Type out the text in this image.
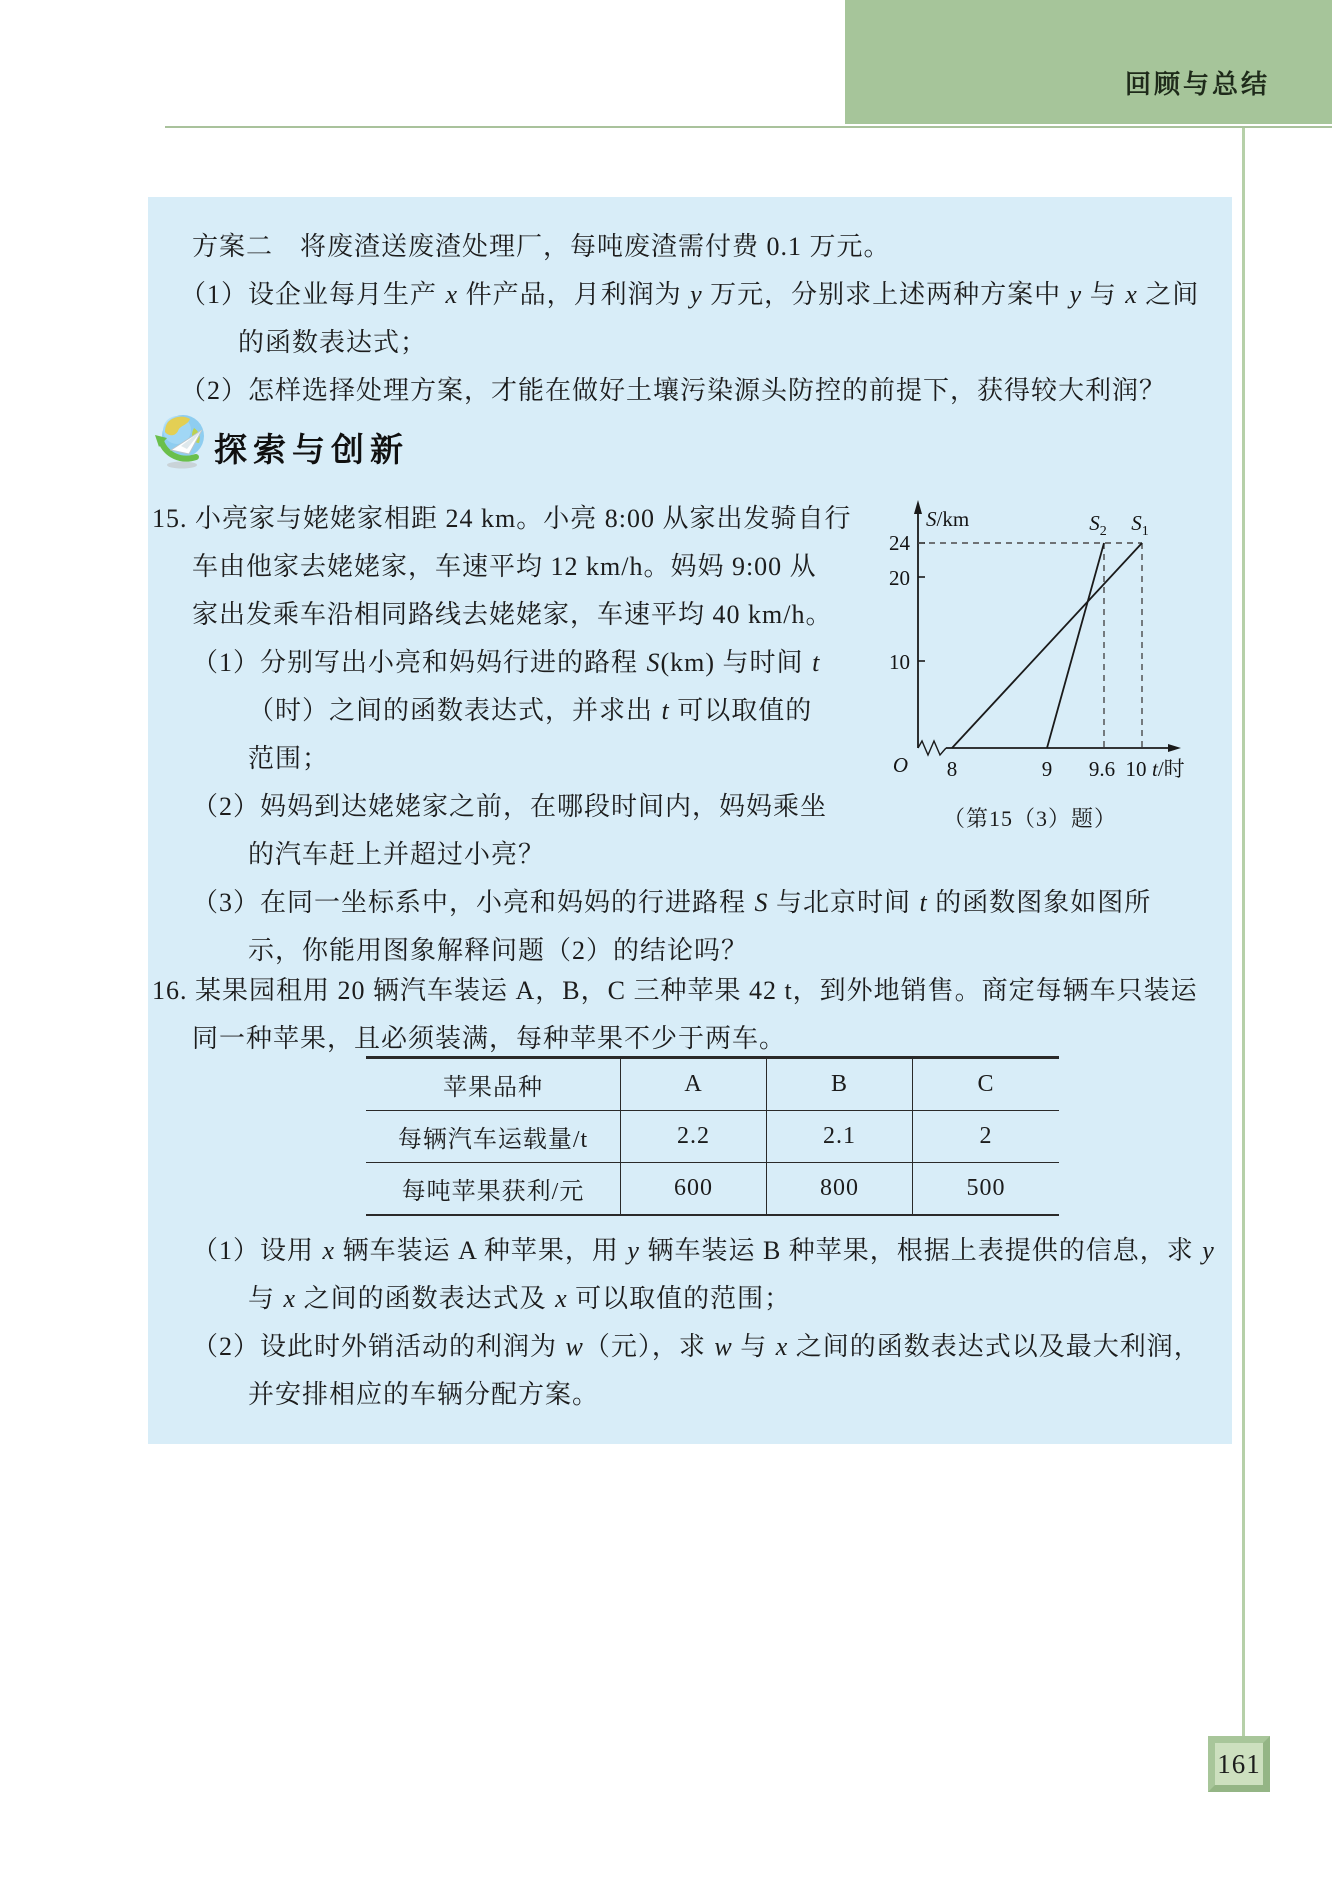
回顾与总结
方案二　将废渣送废渣处理厂，每吨废渣需付费 0.1 万元。
（1）设企业每月生产 x 件产品，月利润为 y 万元，分别求上述两种方案中 y 与 x 之间
的函数表达式；
（2）怎样选择处理方案，才能在做好土壤污染源头防控的前提下，获得较大利润？
探索与创新
15. 小亮家与姥姥家相距 24 km。小亮 8:00 从家出发骑自行
车由他家去姥姥家，车速平均 12 km/h。妈妈 9:00 从
家出发乘车沿相同路线去姥姥家，车速平均 40 km/h。
（1）分别写出小亮和妈妈行进的路程 S(km) 与时间 t
（时）之间的函数表达式，并求出 t 可以取值的
范围；
（2）妈妈到达姥姥家之前，在哪段时间内，妈妈乘坐
的汽车赶上并超过小亮？
（3）在同一坐标系中，小亮和妈妈的行进路程 S 与北京时间 t 的函数图象如图所
示，你能用图象解释问题（2）的结论吗？
S/km
24
20
10
O 8	9 9.6 10 t/时
$S_2$ $S_1$
（第15（3）题）
16. 某果园租用 20 辆汽车装运 A，B，C 三种苹果 42 t，到外地销售。商定每辆车只装运
同一种苹果，且必须装满，每种苹果不少于两车。
苹果品种	A	B	C
每辆汽车运载量/t	2.2	2.1	2
每吨苹果获利/元	600	800	500
（1）设用 x 辆车装运 A 种苹果，用 y 辆车装运 B 种苹果，根据上表提供的信息，求 y
与 x 之间的函数表达式及 x 可以取值的范围；
（2）设此时外销活动的利润为 w（元），求 w 与 x 之间的函数表达式以及最大利润，
并安排相应的车辆分配方案。
161
